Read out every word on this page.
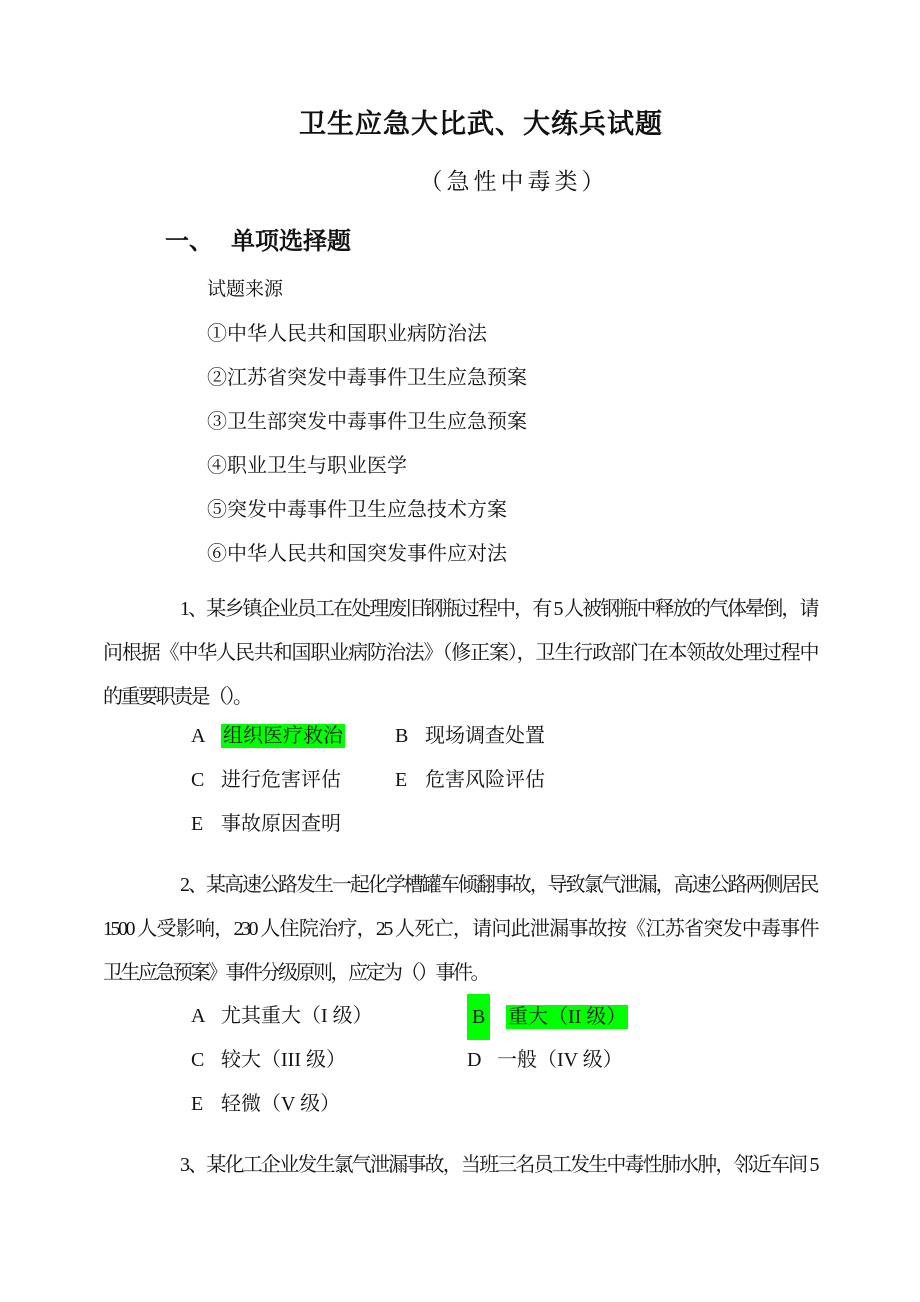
卫生应急大比武、大练兵试题
（急性中毒类）
一、 单项选择题
试题来源
①中华人民共和国职业病防治法
②江苏省突发中毒事件卫生应急预案
③卫生部突发中毒事件卫生应急预案
④职业卫生与职业医学
⑤突发中毒事件卫生应急技术方案
⑥中华人民共和国突发事件应对法
1、某乡镇企业员工在处理废旧钢瓶过程中，有 5 人被钢瓶中释放的气体晕倒，请
问根据《中华人民共和国职业病防治法》（修正案），卫生行政部门在本领故处理过程中
的重要职责是（）。
A 组织医疗救治	B 现场调查处置
C 进行危害评估	E 危害风险评估
E 事故原因查明
2、某高速公路发生一起化学槽罐车倾翻事故，导致氯气泄漏，高速公路两侧居民
1500 人受影响，230 人住院治疗，25 人死亡，请问此泄漏事故按《江苏省突发中毒事件
卫生应急预案》事件分级原则，应定为（）事件。
A 尤其重大（I 级）	B 重大（II 级）
C 较大（III 级）	D 一般（IV 级）
E 轻微（V 级）
3、某化工企业发生氯气泄漏事故，当班三名员工发生中毒性肺水肿，邻近车间 5
